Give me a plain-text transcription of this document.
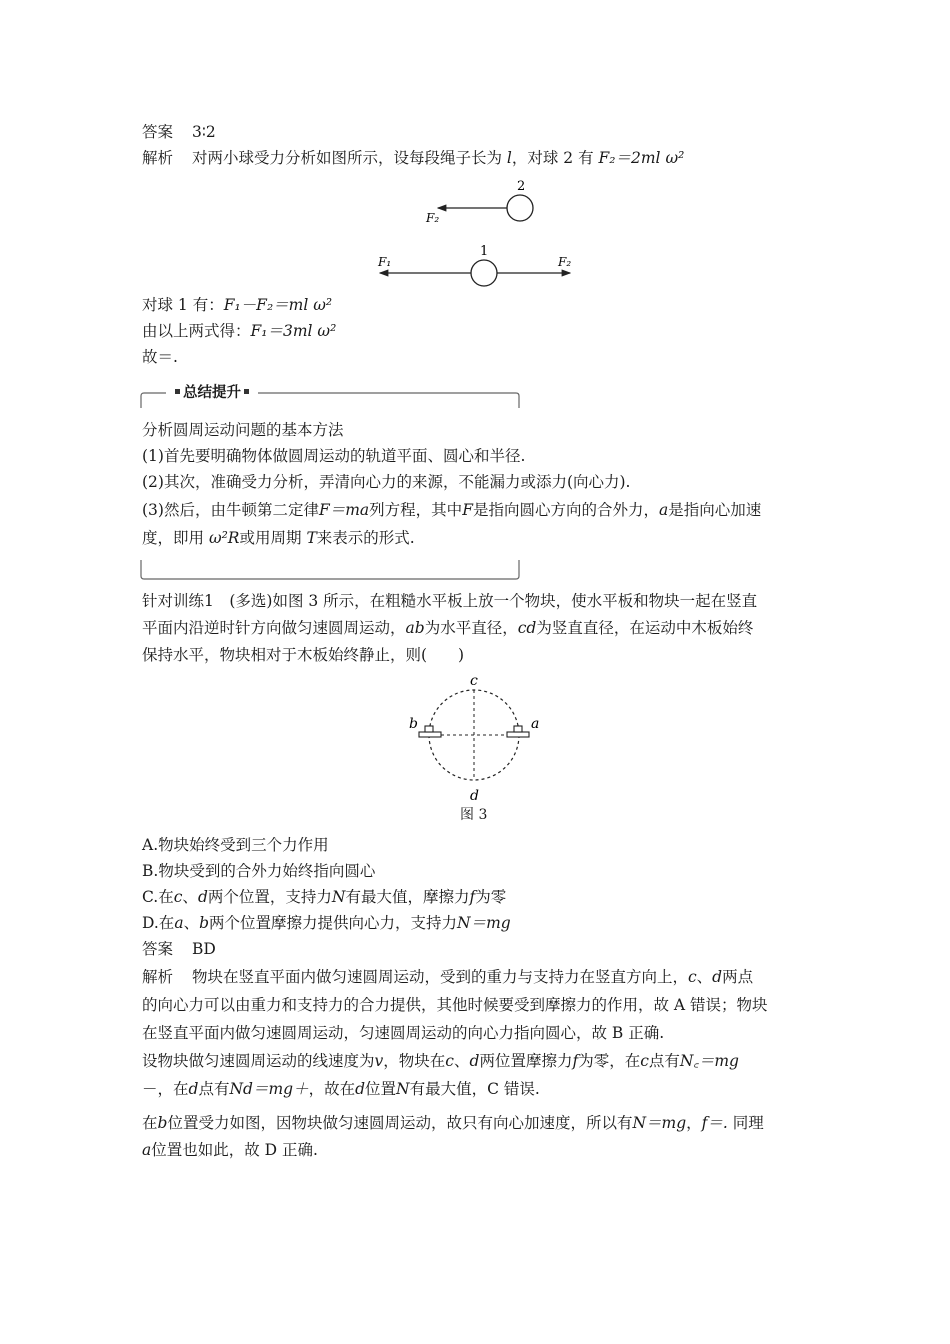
答案 3∶2
解析 对两小球受力分析如图所示，设每段绳子长为 l，对球 2 有 F₂＝2ml ω²
2
F₂
1
F₁	F₂
对球 1 有：F₁－F₂＝ml ω²
由以上两式得：F₁＝3ml ω²
故＝.
总结提升
分析圆周运动问题的基本方法
(1)首先要明确物体做圆周运动的轨道平面、圆心和半径.
(2)其次，准确受力分析，弄清向心力的来源，不能漏力或添力(向心力).
(3)然后，由牛顿第二定律F＝ma列方程，其中F是指向圆心方向的合外力，a是指向心加速
度，即用 ω²R或用周期 T来表示的形式.
针对训练1　(多选)如图 3 所示，在粗糙水平板上放一个物块，使水平板和物块一起在竖直
平面内沿逆时针方向做匀速圆周运动，ab为水平直径，cd为竖直直径，在运动中木板始终
保持水平，物块相对于木板始终静止，则(　　)
c
d
b	a
图 3
A.物块始终受到三个力作用
B.物块受到的合外力始终指向圆心
C.在c、d两个位置，支持力N有最大值，摩擦力f为零
D.在a、b两个位置摩擦力提供向心力，支持力N＝mg
答案 BD
解析 物块在竖直平面内做匀速圆周运动，受到的重力与支持力在竖直方向上，c、d两点
的向心力可以由重力和支持力的合力提供，其他时候要受到摩擦力的作用，故 A 错误；物块
在竖直平面内做匀速圆周运动，匀速圆周运动的向心力指向圆心，故 B 正确.
设物块做匀速圆周运动的线速度为v，物块在c、d两位置摩擦力f为零，在c点有N꜀＝mg
－，在d点有Nd＝mg＋，故在d位置N有最大值，C 错误.
在b位置受力如图，因物块做匀速圆周运动，故只有向心加速度，所以有N＝mg，f＝. 同理
a位置也如此，故 D 正确.
